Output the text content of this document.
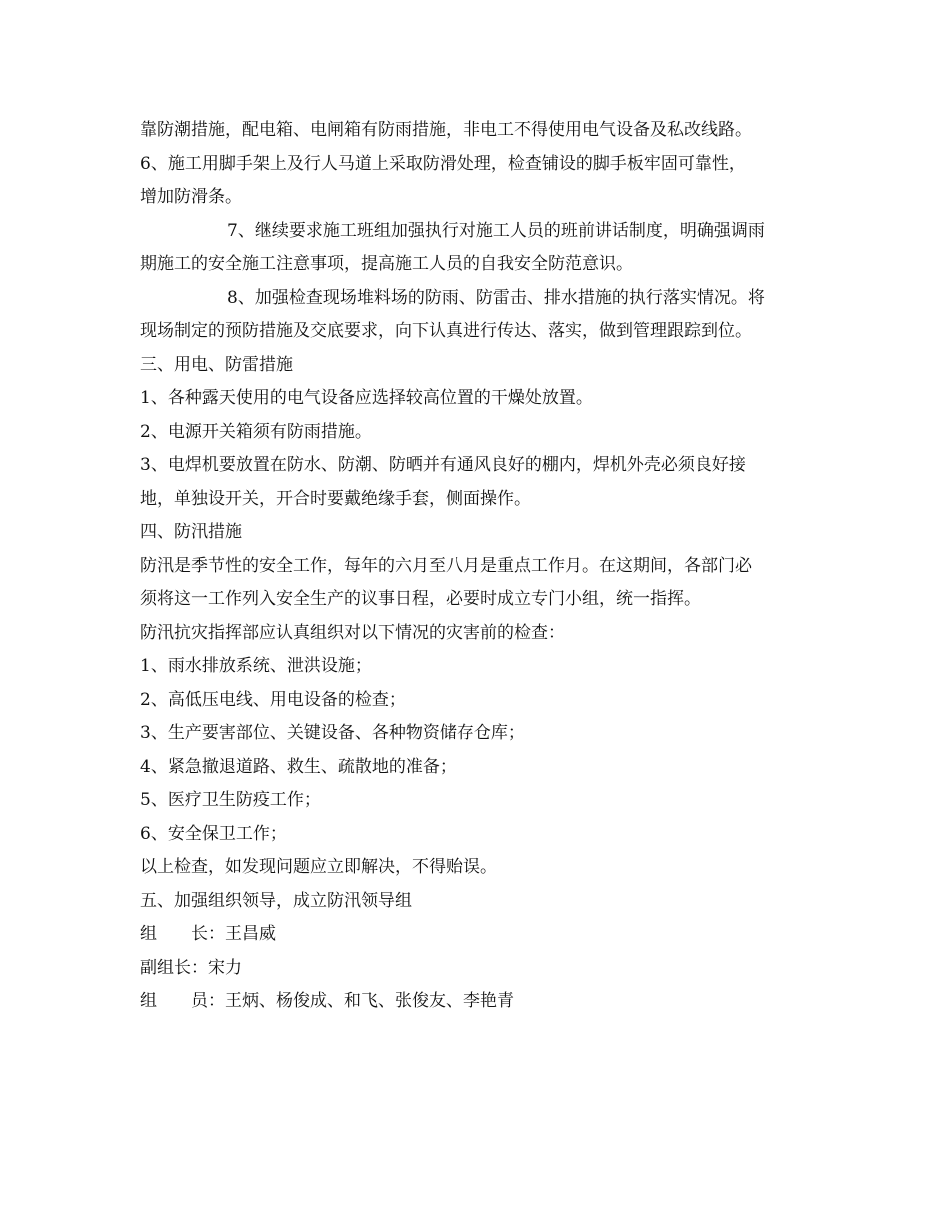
靠防潮措施，配电箱、电闸箱有防雨措施，非电工不得使用电气设备及私改线路。
6、施工用脚手架上及行人马道上采取防滑处理，检查铺设的脚手板牢固可靠性，
增加防滑条。
7、继续要求施工班组加强执行对施工人员的班前讲话制度，明确强调雨
期施工的安全施工注意事项，提高施工人员的自我安全防范意识。
8、加强检查现场堆料场的防雨、防雷击、排水措施的执行落实情况。将
现场制定的预防措施及交底要求，向下认真进行传达、落实，做到管理跟踪到位。
三、用电、防雷措施
1、各种露天使用的电气设备应选择较高位置的干燥处放置。
2、电源开关箱须有防雨措施。
3、电焊机要放置在防水、防潮、防晒并有通风良好的棚内，焊机外壳必须良好接
地，单独设开关，开合时要戴绝缘手套，侧面操作。
四、防汛措施
防汛是季节性的安全工作，每年的六月至八月是重点工作月。在这期间，各部门必
须将这一工作列入安全生产的议事日程，必要时成立专门小组，统一指挥。
防汛抗灾指挥部应认真组织对以下情况的灾害前的检查：
1、雨水排放系统、泄洪设施；
2、高低压电线、用电设备的检查；
3、生产要害部位、关键设备、各种物资储存仓库；
4、紧急撤退道路、救生、疏散地的准备；
5、医疗卫生防疫工作；
6、安全保卫工作；
以上检查，如发现问题应立即解决，不得贻误。
五、加强组织领导，成立防汛领导组
组　　长：王昌威
副组长：宋力
组　　员：王炳、杨俊成、和飞、张俊友、李艳青
